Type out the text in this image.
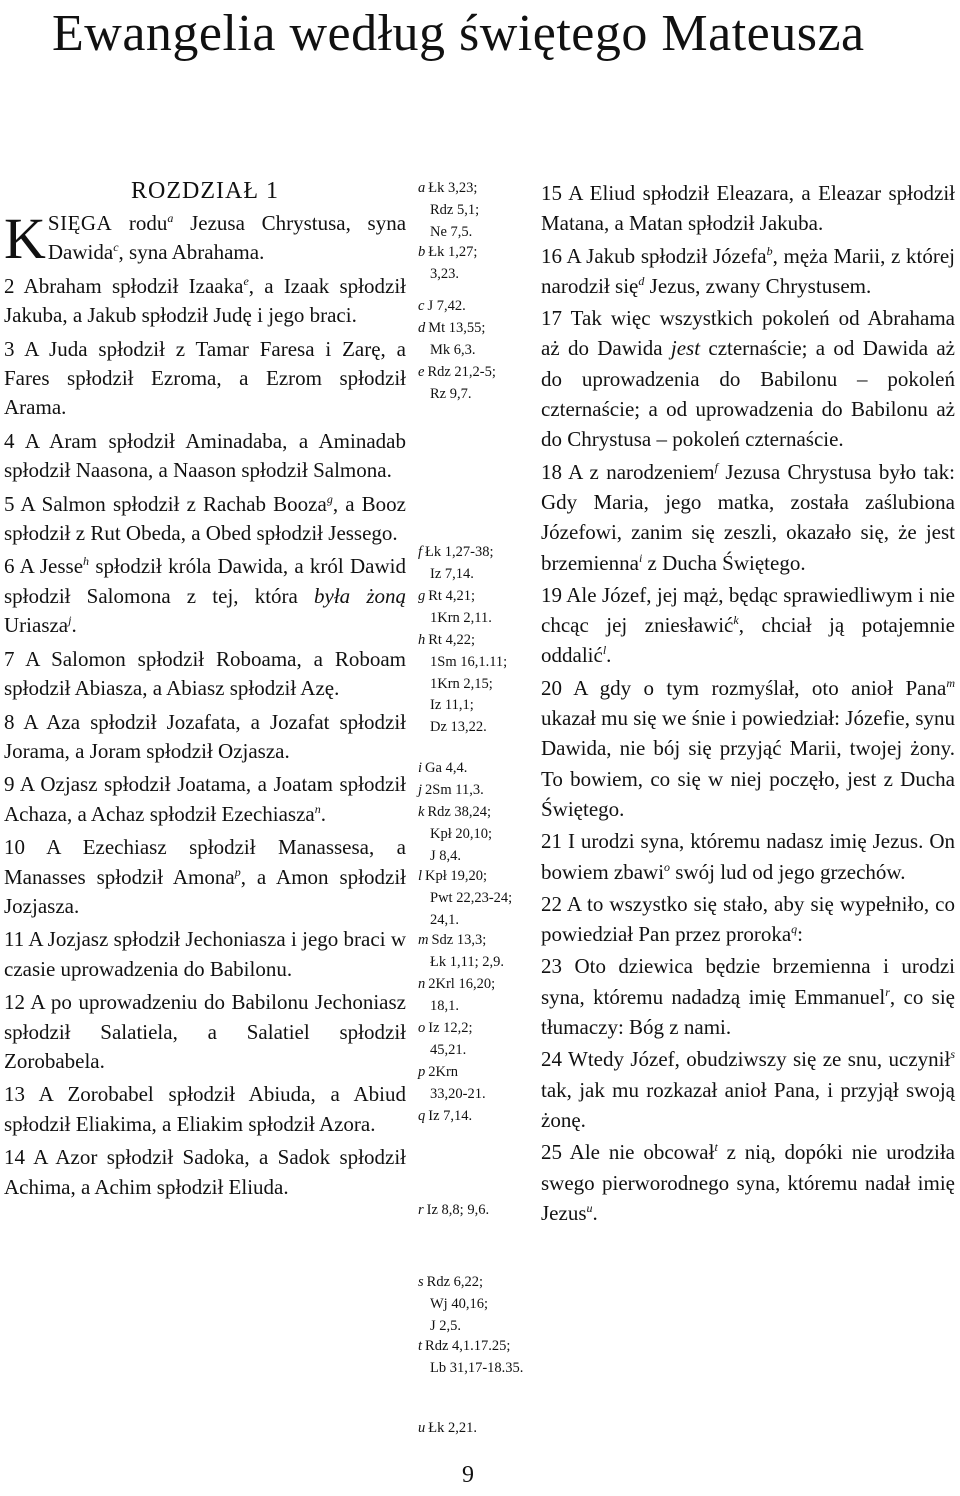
Ewangelia według świętego Mateusza

ROZDZIAŁ 1

KSIĘGA rodu$^a$ Jezusa Chrystusa, syna Dawida$^c$, syna Abrahama.

2 Abraham spłodził Izaaka$^e$, a Izaak spłodził Jakuba, a Jakub spłodził Judę i jego braci.

3 A Juda spłodził z Tamar Faresa i Zarę, a Fares spłodził Ezroma, a Ezrom spłodził Arama.

4 A Aram spłodził Aminadaba, a Aminadab spłodził Naasona, a Naason spłodził Salmona.

5 A Salmon spłodził z Rachab Booza$^g$, a Booz spłodził z Rut Obeda, a Obed spłodził Jessego.

6 A Jesse$^h$ spłodził króla Dawida, a król Dawid spłodził Salomona z tej, która była żoną Uriasza$^j$.

7 A Salomon spłodził Roboama, a Roboam spłodził Abiasza, a Abiasz spłodził Azę.

8 A Aza spłodził Jozafata, a Jozafat spłodził Jorama, a Joram spłodził Ozjasza.

9 A Ozjasz spłodził Joatama, a Joatam spłodził Achaza, a Achaz spłodził Ezechiasza$^n$.

10 A Ezechiasz spłodził Manassesa, a Manasses spłodził Amona$^p$, a Amon spłodził Jozjasza.

11 A Jozjasz spłodził Jechoniasza i jego braci w czasie uprowadzenia do Babilonu.

12 A po uprowadzeniu do Babilonu Jechoniasz spłodził Salatiela, a Salatiel spłodził Zorobabela.

13 A Zorobabel spłodził Abiuda, a Abiud spłodził Eliakima, a Eliakim spłodził Azora.

14 A Azor spłodził Sadoka, a Sadok spłodził Achima, a Achim spłodził Eliuda.

a Łk 3,23;
Rdz 5,1;
Ne 7,5.
b Łk 1,27;
3,23.
c J 7,42.
d Mt 13,55;
Mk 6,3.
e Rdz 21,2-5;
Rz 9,7.
f Łk 1,27-38;
Iz 7,14.
g Rt 4,21;
1Krn 2,11.
h Rt 4,22;
1Sm 16,1.11;
1Krn 2,15;
Iz 11,1;
Dz 13,22.
i Ga 4,4.
j 2Sm 11,3.
k Rdz 38,24;
Kpł 20,10;
J 8,4.
l Kpł 19,20;
Pwt 22,23-24;
24,1.
m Sdz 13,3;
Łk 1,11; 2,9.
n 2Krl 16,20;
18,1.
o Iz 12,2;
45,21.
p 2Krn
33,20-21.
q Iz 7,14.
r Iz 8,8; 9,6.
s Rdz 6,22;
Wj 40,16;
J 2,5.
t Rdz 4,1.17.25;
Lb 31,17-18.35.
u Łk 2,21.

15 A Eliud spłodził Eleazara, a Eleazar spłodził Matana, a Matan spłodził Jakuba.

16 A Jakub spłodził Józefa$^b$, męża Marii, z której narodził się$^d$ Jezus, zwany Chrystusem.

17 Tak więc wszystkich pokoleń od Abrahama aż do Dawida jest czternaście; a od Dawida aż do uprowadzenia do Babilonu – pokoleń czternaście; a od uprowadzenia do Babilonu aż do Chrystusa – pokoleń czternaście.

18 A z narodzeniem$^f$ Jezusa Chrystusa było tak: Gdy Maria, jego matka, została zaślubiona Józefowi, zanim się zeszli, okazało się, że jest brzemienna$^i$ z Ducha Świętego.

19 Ale Józef, jej mąż, będąc sprawiedliwym i nie chcąc jej zniesławić$^k$, chciał ją potajemnie oddalić$^l$.

20 A gdy o tym rozmyślał, oto anioł Pana$^m$ ukazał mu się we śnie i powiedział: Józefie, synu Dawida, nie bój się przyjąć Marii, twojej żony. To bowiem, co się w niej poczęło, jest z Ducha Świętego.

21 I urodzi syna, któremu nadasz imię Jezus. On bowiem zbawi$^o$ swój lud od jego grzechów.

22 A to wszystko się stało, aby się wypełniło, co powiedział Pan przez proroka$^q$:

23 Oto dziewica będzie brzemienna i urodzi syna, któremu nadadzą imię Emmanuel$^r$, co się tłumaczy: Bóg z nami.

24 Wtedy Józef, obudziwszy się ze snu, uczynił$^s$ tak, jak mu rozkazał anioł Pana, i przyjął swoją żonę.

25 Ale nie obcował$^t$ z nią, dopóki nie urodziła swego pierworodnego syna, któremu nadał imię Jezus$^u$.

9
